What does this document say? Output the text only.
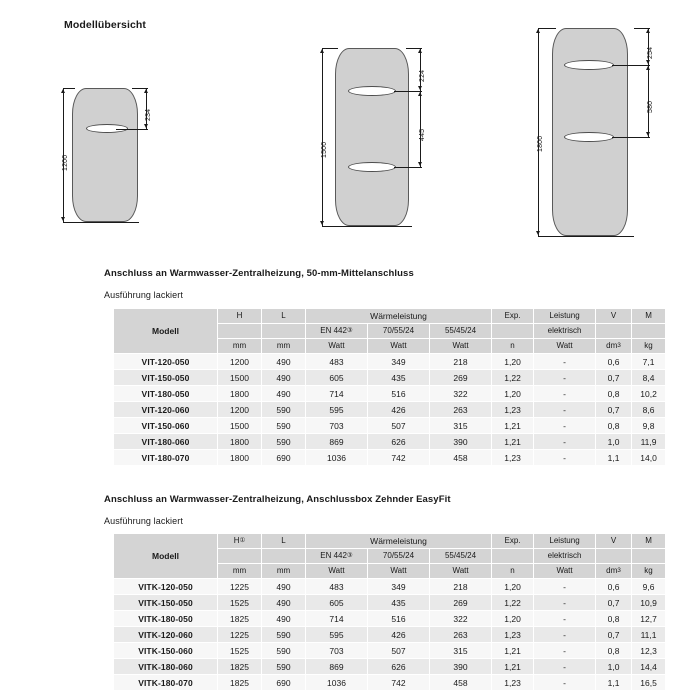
Modellübersicht
1200
234
1500
224
445
1800
254
580
Anschluss an Warmwasser-Zentralheizung, 50-mm-Mittelanschluss
Ausführung lackiert
Modell	H	L	Wärmeleistung			Exp.	Leistung	V	M
			EN 442③	70/55/24	55/45/24		elektrisch		
	mm	mm	Watt	Watt	Watt	n	Watt	$dm^3$	kg
VIT-120-050	1200	490	483	349	218	1,20	-	0,6	7,1
VIT-150-050	1500	490	605	435	269	1,22	-	0,7	8,4
VIT-180-050	1800	490	714	516	322	1,20	-	0,8	10,2
VIT-120-060	1200	590	595	426	263	1,23	-	0,7	8,6
VIT-150-060	1500	590	703	507	315	1,21	-	0,8	9,8
VIT-180-060	1800	590	869	626	390	1,21	-	1,0	11,9
VIT-180-070	1800	690	1036	742	458	1,23	-	1,1	14,0
Anschluss an Warmwasser-Zentralheizung, Anschlussbox Zehnder EasyFit
Ausführung lackiert
Modell	H①	L	Wärmeleistung			Exp.	Leistung	V	M
			EN 442③	70/55/24	55/45/24		elektrisch		
	mm	mm	Watt	Watt	Watt	n	Watt	$dm^3$	kg
VITK-120-050	1225	490	483	349	218	1,20	-	0,6	9,6
VITK-150-050	1525	490	605	435	269	1,22	-	0,7	10,9
VITK-180-050	1825	490	714	516	322	1,20	-	0,8	12,7
VITK-120-060	1225	590	595	426	263	1,23	-	0,7	11,1
VITK-150-060	1525	590	703	507	315	1,21	-	0,8	12,3
VITK-180-060	1825	590	869	626	390	1,21	-	1,0	14,4
VITK-180-070	1825	690	1036	742	458	1,23	-	1,1	16,5
